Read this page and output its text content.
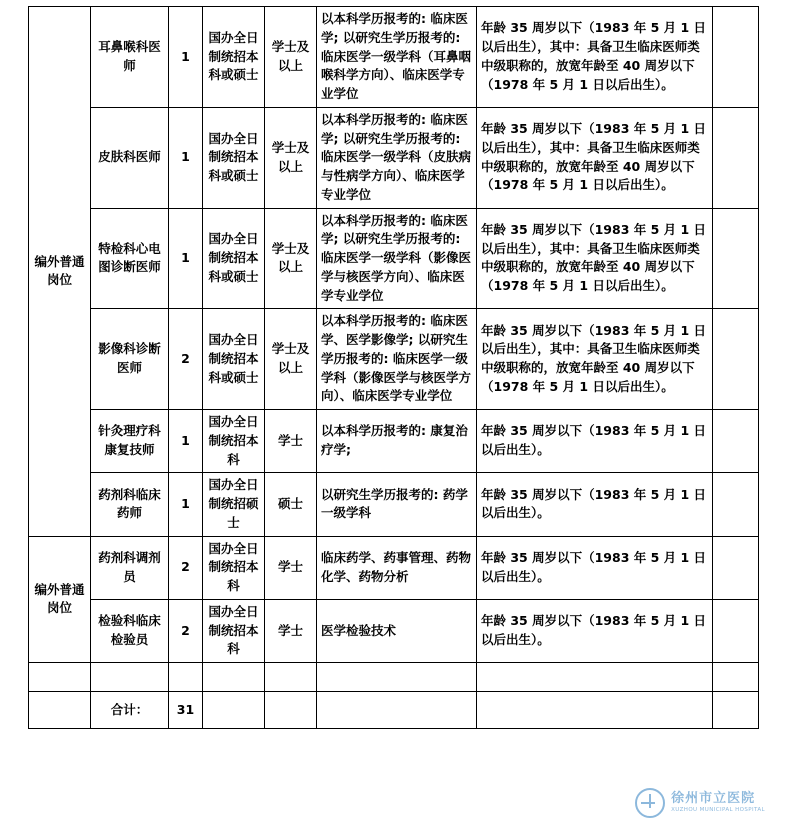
编外普通岗位	耳鼻喉科医师	1	国办全日制统招本科或硕士	学士及以上	以本科学历报考的: 临床医学; 以研究生学历报考的: 临床医学一级学科（耳鼻咽喉科学方向）、临床医学专业学位	年龄 35 周岁以下（1983 年 5 月 1 日以后出生），其中：具备卫生临床医师类中级职称的，放宽年龄至 40 周岁以下（1978 年 5 月 1 日以后出生）。	
	皮肤科医师	1	国办全日制统招本科或硕士	学士及以上	以本科学历报考的: 临床医学; 以研究生学历报考的: 临床医学一级学科（皮肤病与性病学方向）、临床医学专业学位	年龄 35 周岁以下（1983 年 5 月 1 日以后出生），其中：具备卫生临床医师类中级职称的，放宽年龄至 40 周岁以下（1978 年 5 月 1 日以后出生）。	
	特检科心电图诊断医师	1	国办全日制统招本科或硕士	学士及以上	以本科学历报考的: 临床医学; 以研究生学历报考的: 临床医学一级学科（影像医学与核医学方向）、临床医学专业学位	年龄 35 周岁以下（1983 年 5 月 1 日以后出生），其中：具备卫生临床医师类中级职称的，放宽年龄至 40 周岁以下（1978 年 5 月 1 日以后出生）。	
	影像科诊断医师	2	国办全日制统招本科或硕士	学士及以上	以本科学历报考的: 临床医学、医学影像学; 以研究生学历报考的: 临床医学一级学科（影像医学与核医学方向）、临床医学专业学位	年龄 35 周岁以下（1983 年 5 月 1 日以后出生），其中：具备卫生临床医师类中级职称的，放宽年龄至 40 周岁以下（1978 年 5 月 1 日以后出生）。	
	针灸理疗科康复技师	1	国办全日制统招本科	学士	以本科学历报考的: 康复治疗学;	年龄 35 周岁以下（1983 年 5 月 1 日以后出生）。	
	药剂科临床药师	1	国办全日制统招硕士	硕士	以研究生学历报考的: 药学一级学科	年龄 35 周岁以下（1983 年 5 月 1 日以后出生）。	
编外普通岗位	药剂科调剂员	2	国办全日制统招本科	学士	临床药学、药事管理、药物化学、药物分析	年龄 35 周岁以下（1983 年 5 月 1 日以后出生）。	
	检验科临床检验员	2	国办全日制统招本科	学士	医学检验技术	年龄 35 周岁以下（1983 年 5 月 1 日以后出生）。	

	合计：	31					
徐州市立医院
XUZHOU MUNICIPAL HOSPITAL
